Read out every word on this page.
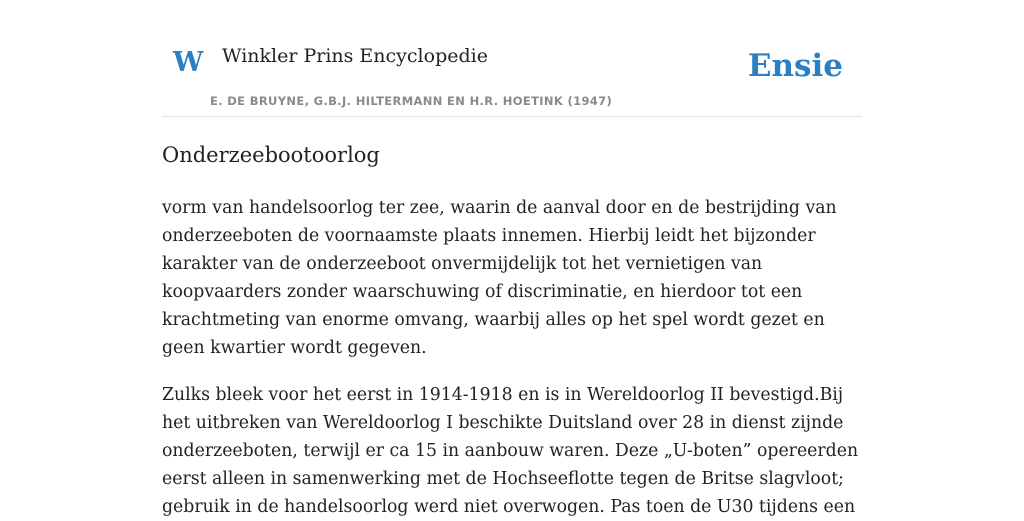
W Winkler Prins Encyclopedie	Ensie
E. DE BRUYNE, G.B.J. HILTERMANN EN H.R. HOETINK (1947)
Onderzeebootoorlog

vorm van handelsoorlog ter zee, waarin de aanval door en de bestrijding van onderzeeboten de voornaamste plaats innemen. Hierbij leidt het bijzonder karakter van de onderzeeboot onvermijdelijk tot het vernietigen van koopvaarders zonder waarschuwing of discriminatie, en hierdoor tot een krachtmeting van enorme omvang, waarbij alles op het spel wordt gezet en geen kwartier wordt gegeven.

Zulks bleek voor het eerst in 1914-1918 en is in Wereldoorlog II bevestigd.Bij het uitbreken van Wereldoorlog I beschikte Duitsland over 28 in dienst zijnde onderzeeboten, terwijl er ca 15 in aanbouw waren. Deze „U-boten” opereerden eerst alleen in samenwerking met de Hochseeflotte tegen de Britse slagvloot; gebruik in de handelsoorlog werd niet overwogen. Pas toen de U30 tijdens een
